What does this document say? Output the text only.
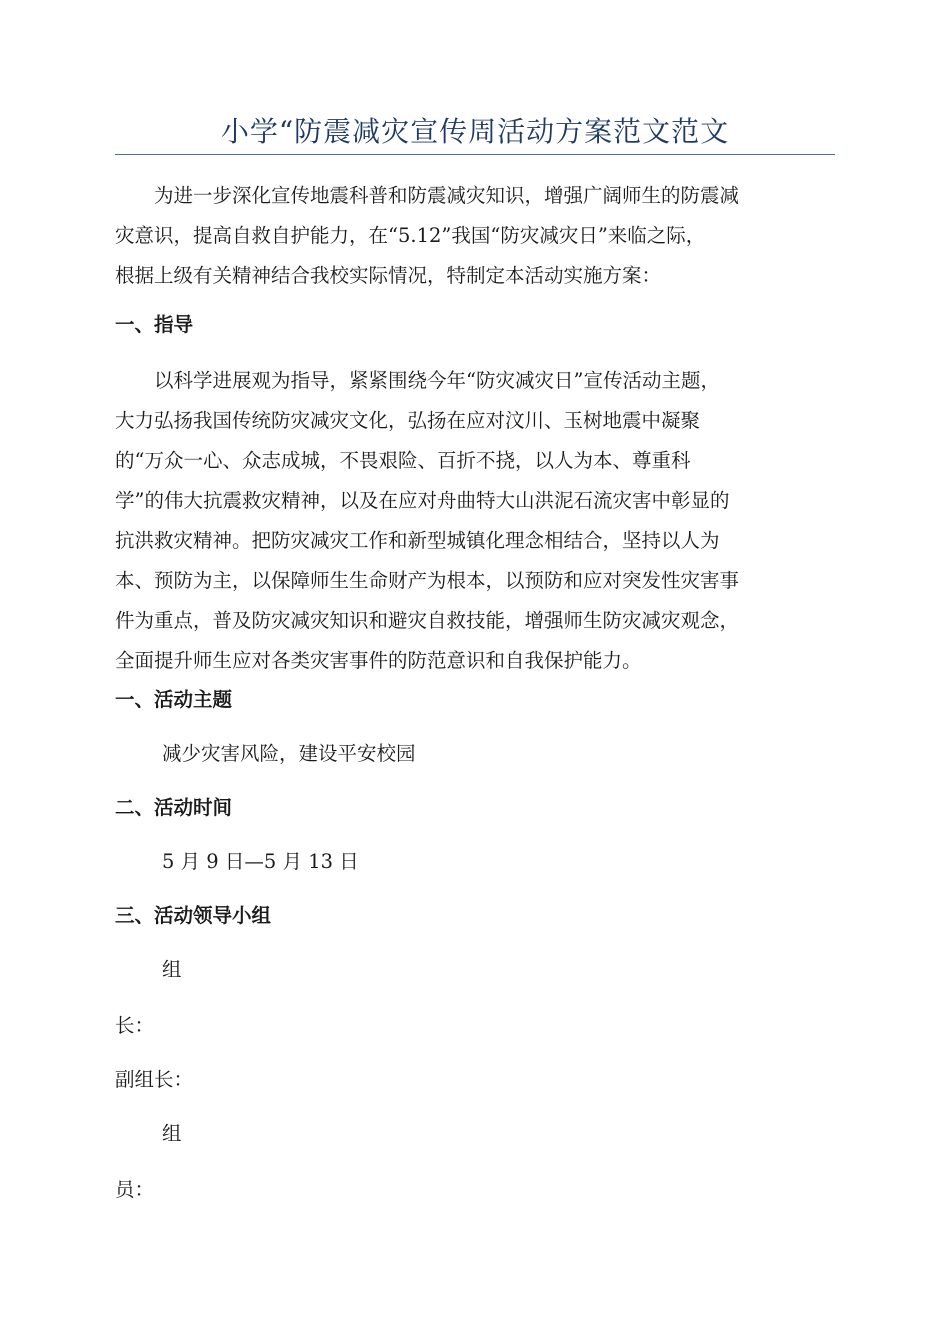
小学“防震减灾宣传周活动方案范文范文
　　为进一步深化宣传地震科普和防震减灾知识，增强广阔师生的防震减
灾意识，提高自救自护能力，在“5.12”我国“防灾减灾日”来临之际，
根据上级有关精神结合我校实际情况，特制定本活动实施方案：
一、指导
　　以科学进展观为指导，紧紧围绕今年“防灾减灾日”宣传活动主题，
大力弘扬我国传统防灾减灾文化，弘扬在应对汶川、玉树地震中凝聚
的“万众一心、众志成城，不畏艰险、百折不挠，以人为本、尊重科
学”的伟大抗震救灾精神，以及在应对舟曲特大山洪泥石流灾害中彰显的
抗洪救灾精神。把防灾减灾工作和新型城镇化理念相结合，坚持以人为
本、预防为主，以保障师生生命财产为根本，以预防和应对突发性灾害事
件为重点，普及防灾减灾知识和避灾自救技能，增强师生防灾减灾观念，
全面提升师生应对各类灾害事件的防范意识和自我保护能力。
一、活动主题
减少灾害风险，建设平安校园
二、活动时间
5 月 9 日—5 月 13 日
三、活动领导小组
组
长：
副组长：
组
员：
